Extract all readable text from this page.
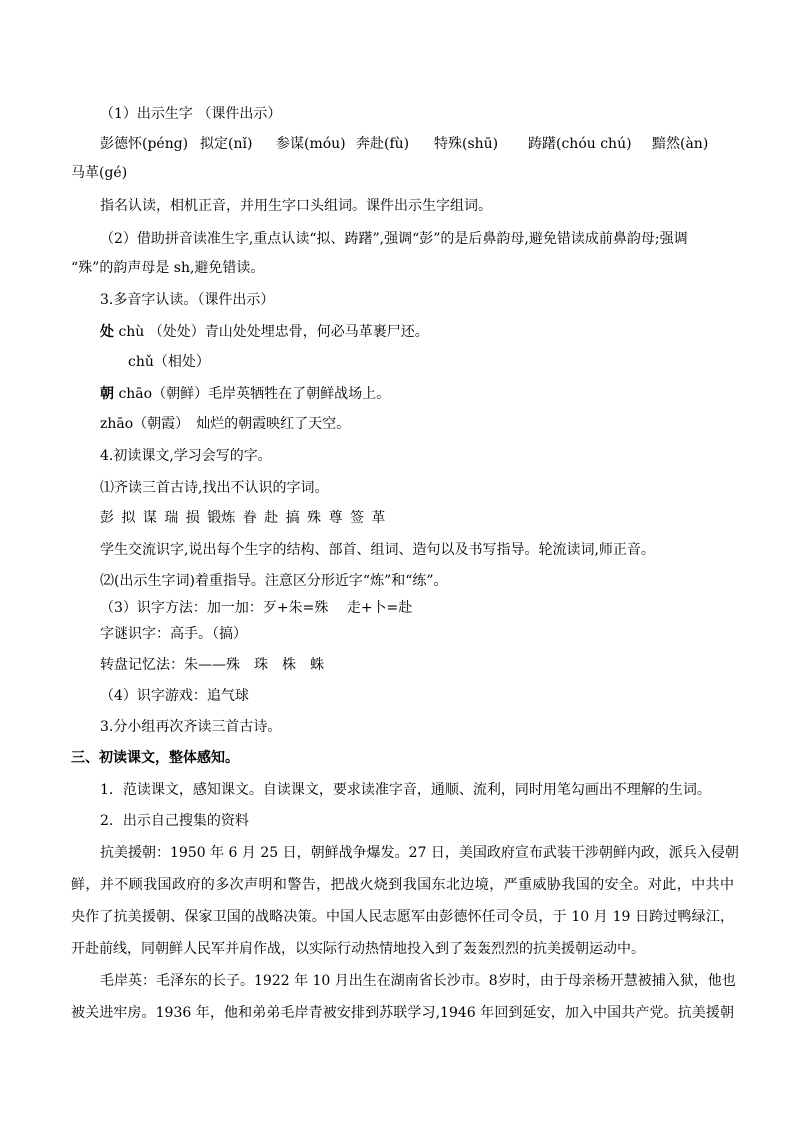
（1）出示生字 （课件出示）
彭德怀(péng) 拟定(nǐ) 参谋(móu) 奔赴(fù) 特殊(shū) 踌躇(chóu chú) 黯然(àn)
马革(gé)
指名认读，相机正音，并用生字口头组词。课件出示生字组词。
（2）借助拼音读准生字,重点认读“拟、踌躇”,强调“彭”的是后鼻韵母,避免错读成前鼻韵母;强调
“殊”的韵声母是 sh,避免错读。
3.多音字认读。（课件出示）
处 chù （处处）青山处处埋忠骨，何必马革裹尸还。
chǔ（相处）
朝 chāo（朝鲜）毛岸英牺牲在了朝鲜战场上。
zhāo（朝霞）　灿烂的朝霞映红了天空。
4.初读课文,学习会写的字。
⑴齐读三首古诗,找出不认识的字词。
彭 拟 谋 瑞 损 锻炼 眷 赴 搞 殊 尊 签 革
学生交流识字,说出每个生字的结构、部首、组词、造句以及书写指导。轮流读词,师正音。
⑵(出示生字词)着重指导。注意区分形近字“炼”和“练”。
（3）识字方法：加一加：歹+朱=殊　 走+卜=赴
字谜识字：高手。（搞）
转盘记忆法：朱——殊　珠　株　蛛
（4）识字游戏：追气球
3.分小组再次齐读三首古诗。
三、初读课文，整体感知。
1．范读课文，感知课文。自读课文，要求读准字音，通顺、流利，同时用笔勾画出不理解的生词。
2．出示自己搜集的资料
抗美援朝：1950 年 6 月 25 日，朝鲜战争爆发。27 日，美国政府宣布武装干涉朝鲜内政，派兵入侵朝
鲜，并不顾我国政府的多次声明和警告，把战火烧到我国东北边境，严重威胁我国的安全。对此，中共中
央作了抗美援朝、保家卫国的战略决策。中国人民志愿军由彭德怀任司令员，于 10 月 19 日跨过鸭绿江，
开赴前线，同朝鲜人民军并肩作战，以实际行动热情地投入到了轰轰烈烈的抗美援朝运动中。
毛岸英：毛泽东的长子。1922 年 10 月出生在湖南省长沙市。8岁时，由于母亲杨开慧被捕入狱，他也
被关进牢房。1936 年，他和弟弟毛岸青被安排到苏联学习,1946 年回到延安，加入中国共产党。抗美援朝
